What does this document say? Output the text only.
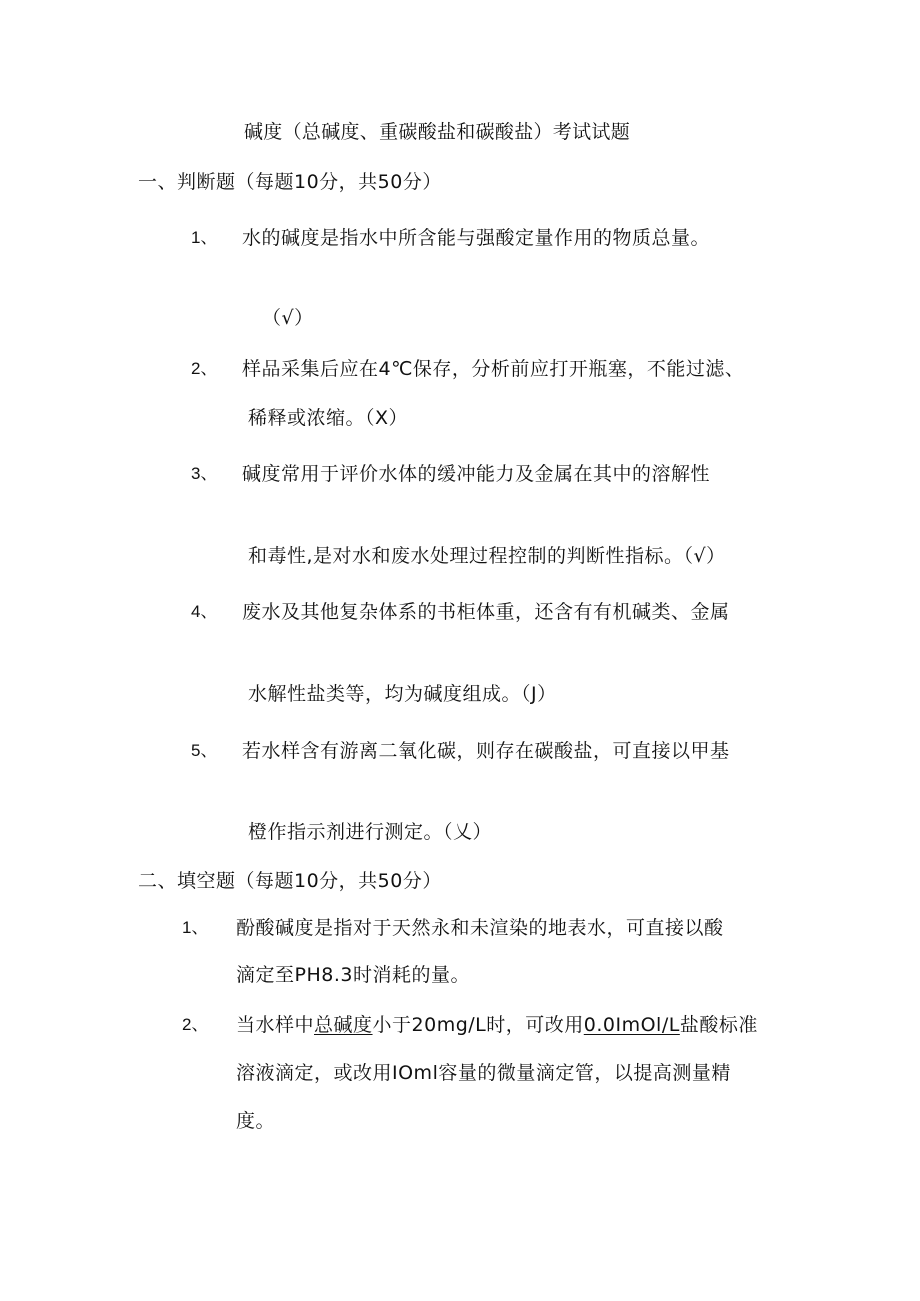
碱度（总碱度、重碳酸盐和碳酸盐）考试试题
一、判断题（每题10分，共50分）
1、 水的碱度是指水中所含能与强酸定量作用的物质总量。
（√）
2、 样品采集后应在4℃保存，分析前应打开瓶塞，不能过滤、
稀释或浓缩。（X）
3、 碱度常用于评价水体的缓冲能力及金属在其中的溶解性
和毒性,是对水和废水处理过程控制的判断性指标。（√）
4、 废水及其他复杂体系的书柜体重，还含有有机碱类、金属
水解性盐类等，均为碱度组成。（J）
5、 若水样含有游离二氧化碳，则存在碳酸盐，可直接以甲基
橙作指示剂进行测定。（乂）
二、填空题（每题10分，共50分）
1、 酚酸碱度是指对于天然永和未渲染的地表水，可直接以酸
滴定至PH8.3时消耗的量。
2、 当水样中总碱度小于20mg∕L时，可改用0.0ImOl/L盐酸标准
溶液滴定，或改用IOml容量的微量滴定管，以提高测量精
度。
